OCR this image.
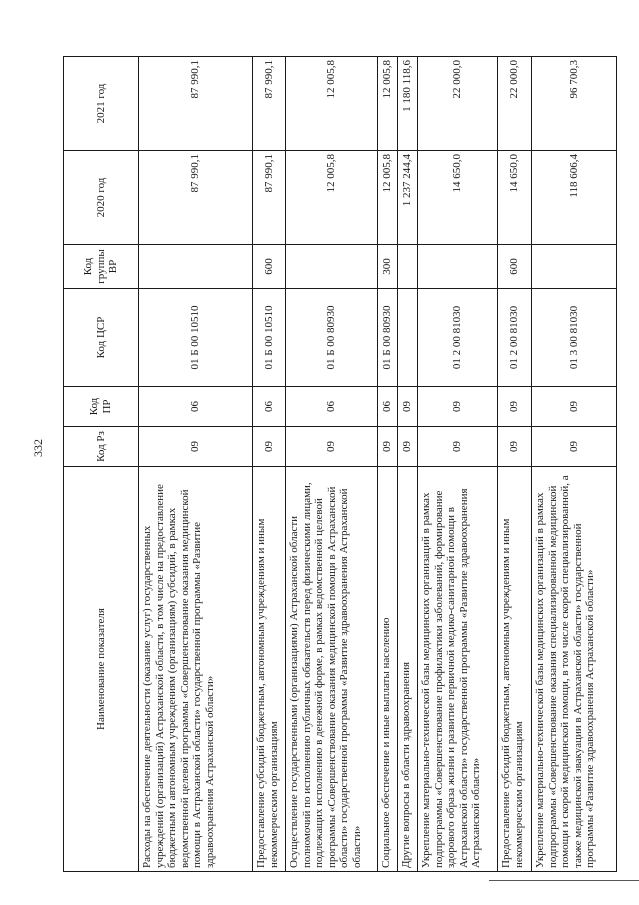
332
Наименование показателя	Код Рз	Код ПР	Код ЦСР	Код группы ВР	2020 год	2021 год
Расходы на обеспечение деятельности (оказание услуг) государственных учреждений (организаций) Астраханской области, в том числе на предоставление бюджетным и автономным учреждениям (организациям) субсидий, в рамках ведомственной целевой программы «Совершенствование оказания медицинской помощи в Астраханской области» государственной программы «Развитие здравоохранения Астраханской области»	09	06	01 Б 00 10510		87 990,1	87 990,1
Предоставление субсидий бюджетным, автономным учреждениям и иным некоммерческим организациям	09	06	01 Б 00 10510	600	87 990,1	87 990,1
Осуществление государственными (организациями) Астраханской области полномочий по исполнению публичных обязательств перед физическими лицами, подлежащих исполнению в денежной форме, в рамках ведомственной целевой программы «Совершенствование оказания медицинской помощи в Астраханской области» государственной программы «Развитие здравоохранения Астраханской области»	09	06	01 Б 00 80930		12 005,8	12 005,8
Социальное обеспечение и иные выплаты населению	09	06	01 Б 00 80930	300	12 005,8	12 005,8
Другие вопросы в области здравоохранения	09	09			1 237 244,4	1 180 118,6
Укрепление материально-технической базы медицинских организаций в рамках подпрограммы «Совершенствование профилактики заболеваний, формирование здорового образа жизни и развитие первичной медико-санитарной помощи в Астраханской области» государственной программы «Развитие здравоохранения Астраханской области»	09	09	01 2 00 81030		14 650,0	22 000,0
Предоставление субсидий бюджетным, автономным учреждениям и иным некоммерческим организациям	09	09	01 2 00 81030	600	14 650,0	22 000,0
Укрепление материально-технической базы медицинских организаций в рамках подпрограммы «Совершенствование оказания специализированной медицинской помощи и скорой медицинской помощи, в том числе скорой специализированной, а также медицинской эвакуации в Астраханской области» государственной программы «Развитие здравоохранения Астраханской области»	09	09	01 3 00 81030		118 606,4	96 700,3
